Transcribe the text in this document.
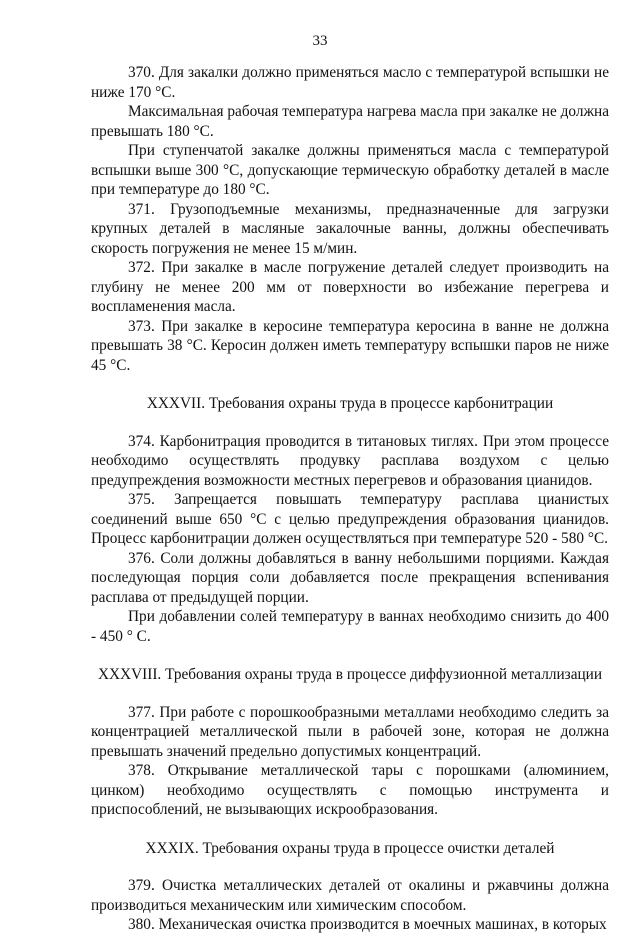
33

370. Для закалки должно применяться масло с температурой вспышки не ниже 170 °С.

Максимальная рабочая температура нагрева масла при закалке не должна превышать 180 °С.

При ступенчатой закалке должны применяться масла с температурой вспышки выше 300 °С, допускающие термическую обработку деталей в масле при температуре до 180 °С.

371. Грузоподъемные механизмы, предназначенные для загрузки крупных деталей в масляные закалочные ванны, должны обеспечивать скорость погружения не менее 15 м/мин.

372. При закалке в масле погружение деталей следует производить на глубину не менее 200 мм от поверхности во избежание перегрева и воспламенения масла.

373. При закалке в керосине температура керосина в ванне не должна превышать 38 °С. Керосин должен иметь температуру вспышки паров не ниже 45 °С.

XXXVII. Требования охраны труда в процессе карбонитрации

374. Карбонитрация проводится в титановых тиглях. При этом процессе необходимо осуществлять продувку расплава воздухом с целью предупреждения возможности местных перегревов и образования цианидов.

375. Запрещается повышать температуру расплава цианистых соединений выше 650 °С с целью предупреждения образования цианидов. Процесс карбонитрации должен осуществляться при температуре 520 - 580 °С.

376. Соли должны добавляться в ванну небольшими порциями. Каждая последующая порция соли добавляется после прекращения вспенивания расплава от предыдущей порции.

При добавлении солей температуру в ваннах необходимо снизить до 400 - 450 ° С.

XXXVIII. Требования охраны труда в процессе диффузионной металлизации

377. При работе с порошкообразными металлами необходимо следить за концентрацией металлической пыли в рабочей зоне, которая не должна превышать значений предельно допустимых концентраций.

378. Открывание металлической тары с порошками (алюминием, цинком) необходимо осуществлять с помощью инструмента и приспособлений, не вызывающих искрообразования.

XXXIX. Требования охраны труда в процессе очистки деталей

379. Очистка металлических деталей от окалины и ржавчины должна производиться механическим или химическим способом.

380. Механическая очистка производится в моечных машинах, в которых
